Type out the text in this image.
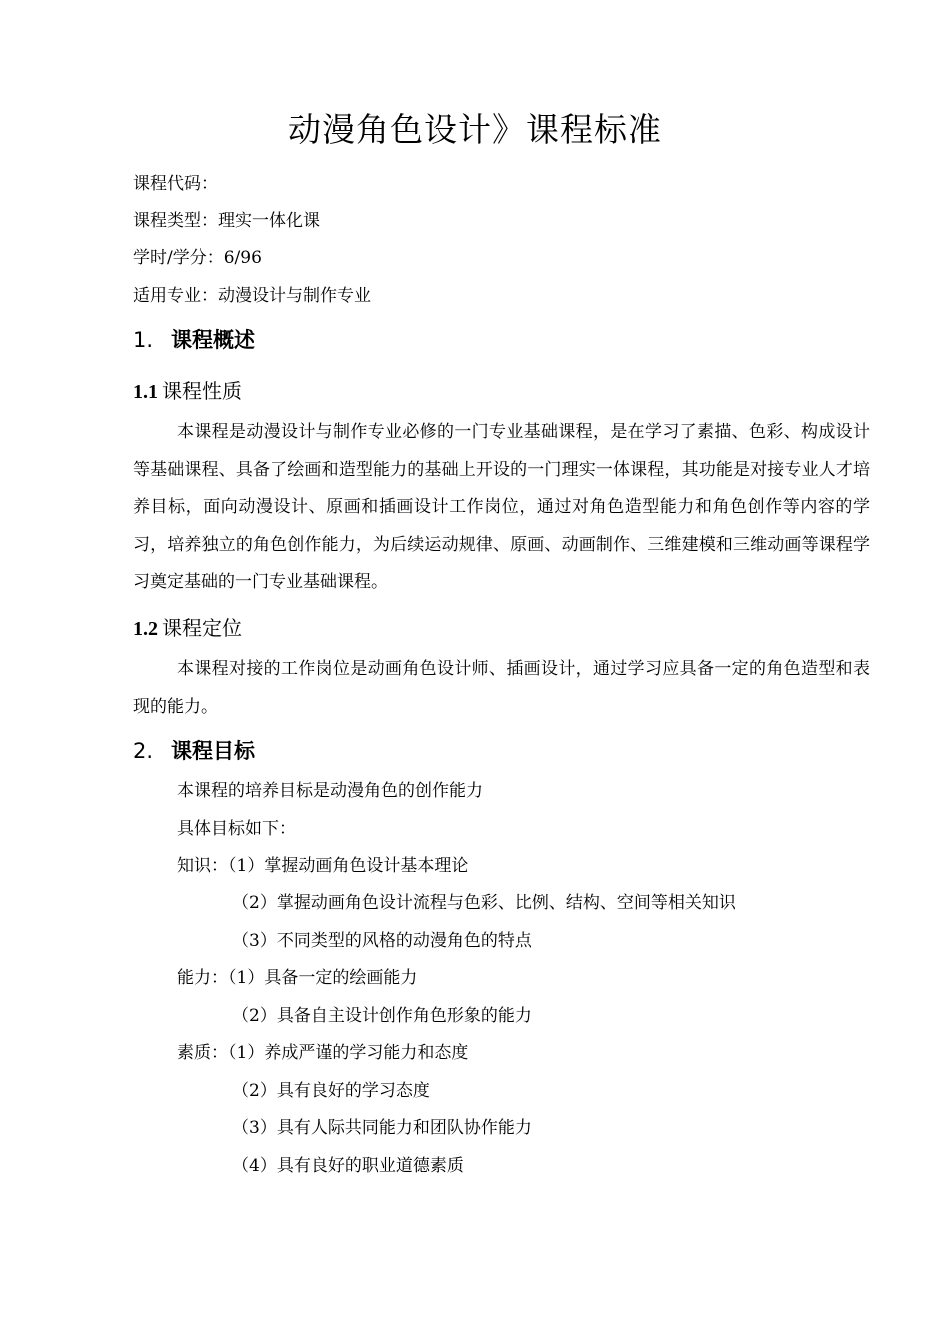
动漫角色设计》课程标准
课程代码：
课程类型：理实一体化课
学时/学分：6/96
适用专业：动漫设计与制作专业
1. 课程概述
1.1 课程性质
本课程是动漫设计与制作专业必修的一门专业基础课程，是在学习了素描、色彩、构成设计等基础课程、具备了绘画和造型能力的基础上开设的一门理实一体课程，其功能是对接专业人才培养目标，面向动漫设计、原画和插画设计工作岗位，通过对角色造型能力和角色创作等内容的学习，培养独立的角色创作能力，为后续运动规律、原画、动画制作、三维建模和三维动画等课程学习奠定基础的一门专业基础课程。
1.2 课程定位
本课程对接的工作岗位是动画角色设计师、插画设计，通过学习应具备一定的角色造型和表现的能力。
2. 课程目标
本课程的培养目标是动漫角色的创作能力
具体目标如下：
知识：（1）掌握动画角色设计基本理论
（2）掌握动画角色设计流程与色彩、比例、结构、空间等相关知识
（3）不同类型的风格的动漫角色的特点
能力：（1）具备一定的绘画能力
（2）具备自主设计创作角色形象的能力
素质：（1）养成严谨的学习能力和态度
（2）具有良好的学习态度
（3）具有人际共同能力和团队协作能力
（4）具有良好的职业道德素质
